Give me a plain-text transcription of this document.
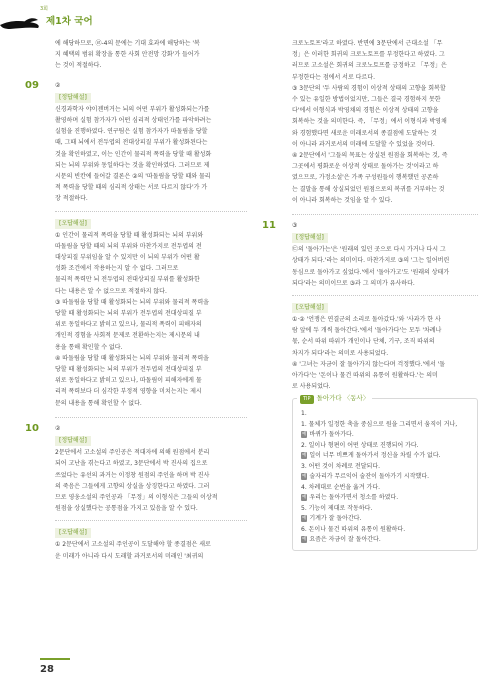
3회
제1차 국어

에 해당하므로, ㉣-4의 문에는 기대 효과에 해당하는 '복

지 혜택의 범위 확장을 통한 사회 안전망 강화'가 들어가

는 것이 적절하다.

09	②
[정답해설]

신경과학자 야이젠버거는 뇌의 어떤 부위가 활성화되는가를

촬영하며 실험 참가자가 어떤 심리적 상태인가를 파악하려는

실험을 진행하였다. 연구팀은 실험 참가자가 따돌림을 당할

때, 그때 뇌에서 전두엽의 전대상피질 부위가 활성화된다는

것을 확인하였고, 이는 인간이 물리적 폭력을 당할 때 활성화

되는 뇌의 부위와 동일하다는 것을 확인하였다. 그러므로 제

시문의 빈칸에 들어갈 결론은 ②의 '따돌림을 당할 때와 물리

적 폭력을 당할 때의 심리적 상태는 서로 다르지 않다'가 가

장 적절하다.

[오답해설]

① 인간이 물리적 폭력을 당할 때 활성화되는 뇌의 부위와

따돌림을 당할 때의 뇌의 부위와 마찬가지로 전두엽의 전

대상피질 부위임을 알 수 있지만 이 뇌의 부위가 어떤 활

성화 조건에서 작용하는지 알 수 없다. 그러므로

물리적 폭력만 뇌 전두엽의 전대상피질 부위를 활성화한

다는 내용은 알 수 없으므로 적절하지 않다.

③ 따돌림을 당할 때 활성화되는 뇌의 부위와 물리적 폭력을

당할 때 활성화되는 뇌의 부위가 전두엽의 전대상피질 부

위로 동일하다고 밝히고 있으나, 물리적 폭력이 피해자의

개인적 경험을 사회적 문제로 전환하는지는 제시문의 내

용을 통해 확인할 수 없다.

④ 따돌림을 당할 때 활성화되는 뇌의 부위와 물리적 폭력을

당할 때 활성화되는 뇌의 부위가 전두엽의 전대상피질 부

위로 동일하다고 밝히고 있으나, 따돌림이 피해자에게 물

리적 폭력보다 더 심각한 부정적 영향을 미치는지는 제시

문의 내용을 통해 확인할 수 없다.

10	②
[정답해설]

2문단에서 고소설의 주인공은 적대자에 의해 원점에서 분리

되어 고난을 겪는다고 하였고, 3문단에서 박 진사의 집으로

쓰었다는 유선의 과거는 이정창 원점의 주인을 하며 박 진사

의 죽음은 그들에게 고향의 상실을 상징한다고 하였다. 그러

므로 영웅소설의 주인공과 「무정」의 이형식은 그들의 이상적

원점을 상실했다는 공통점을 가지고 있음을 알 수 있다.

[오답해설]

① 2문단에서 고소설의 주인공이 도달해야 할 종결점은 새로

운 미래가 아니라 다시 도래할 과거로서의 미래인 '최귀의

크로노토프'라고 하였다. 반면에 3문단에서 근대소설 「무

정」은 이러한 회귀의 크로노토프를 부정한다고 하였다. 그

러므로 고소설은 회귀의 크로노토프를 긍정하고 「무정」은

부정한다는 점에서 서로 다르다.

③ 3문단의 '두 사람의 경험이 이상적 상태의 고향을 회복할

수 있는 유일한 방법이었지만, 그들은 결국 경험하지 못한

다'에서 이형식과 박영채의 경험은 이상적 상태의 고향을

회복하는 것을 의미한다. 즉, 「무정」에서 이형식과 박영채

와 경험했다면 새로운 미래로서의 종결점에 도달하는 것

이 아니라 과거로서의 미래에 도달할 수 있었을 것이다.

④ 2문단에서 '그들의 목표는 상실된 원점을 회복하는 것, 즉

그곳에서 평화로운 이상적 상태로 돌아가는 것'이라고 하

였으므로, 가정소설'은 가족 구성원들이 행복했던 공존하

는 결말을 통해 상실되었던 원점으로의 복귀를 거부하는 것

이 아니라 회복하는 것임을 알 수 있다.

11	③
[정답해설]

㉢의 '돌아가는'은 '원래의 있던 곳으로 다시 가거나 다시 그

상태가 되다.'라는 의미이다. 마찬가지로 ③의 '그는 일어버린

동심으로 돌아가고 싶었다.'에서 '돌아가고'도 '원래의 상태가

되다'라는 의미이므로 ③과 그 의미가 유사하다.

[오답해설]

①·② '언쟁은 연결군의 소리로 돌아갔다.'와 '사과가 한 사

람 앞에 두 개씩 돌아간다.'에서 '돌아가다'는 모두 '차례나

몫, 순서 따위 따위가 개인이나 단체, 기구, 조직 따위의

차지가 되다'라는 의미로 사용되었다.

④ '그녀는 자금이 잘 돌아가지 않는다며 걱정했다.'에서 '돌

아가다'는 '돈이나 물건 따위의 유통이 원활하다.'는 의미

로 사용되었다.

TIP 돌아가다 〈동사〉

1.

1. 물체가 일정한 축을 중심으로 원을 그리면서 움직이 거나,

예 바퀴가 돌아가다.

2. 일이나 형편이 어떤 상태로 진행되어 가다.

예 일이 너무 비쁘게 돌아가서 정신을 차릴 수가 없다.

3. 어떤 것이 차례로 전달되다.

예 술자리가 무르익어 술잔이 돌아가기 시작했다.

4. 차례대로 순번을 옮겨 가다.

예 우리는 돌아가면서 청소를 하였다.

5. 기능이 제대로 작동하다.

예 기계가 잘 돌아간다.

6. 돈이나 물건 따위의 유통이 원활하다.

예 요즘은 자금이 잘 돌아간다.

28
